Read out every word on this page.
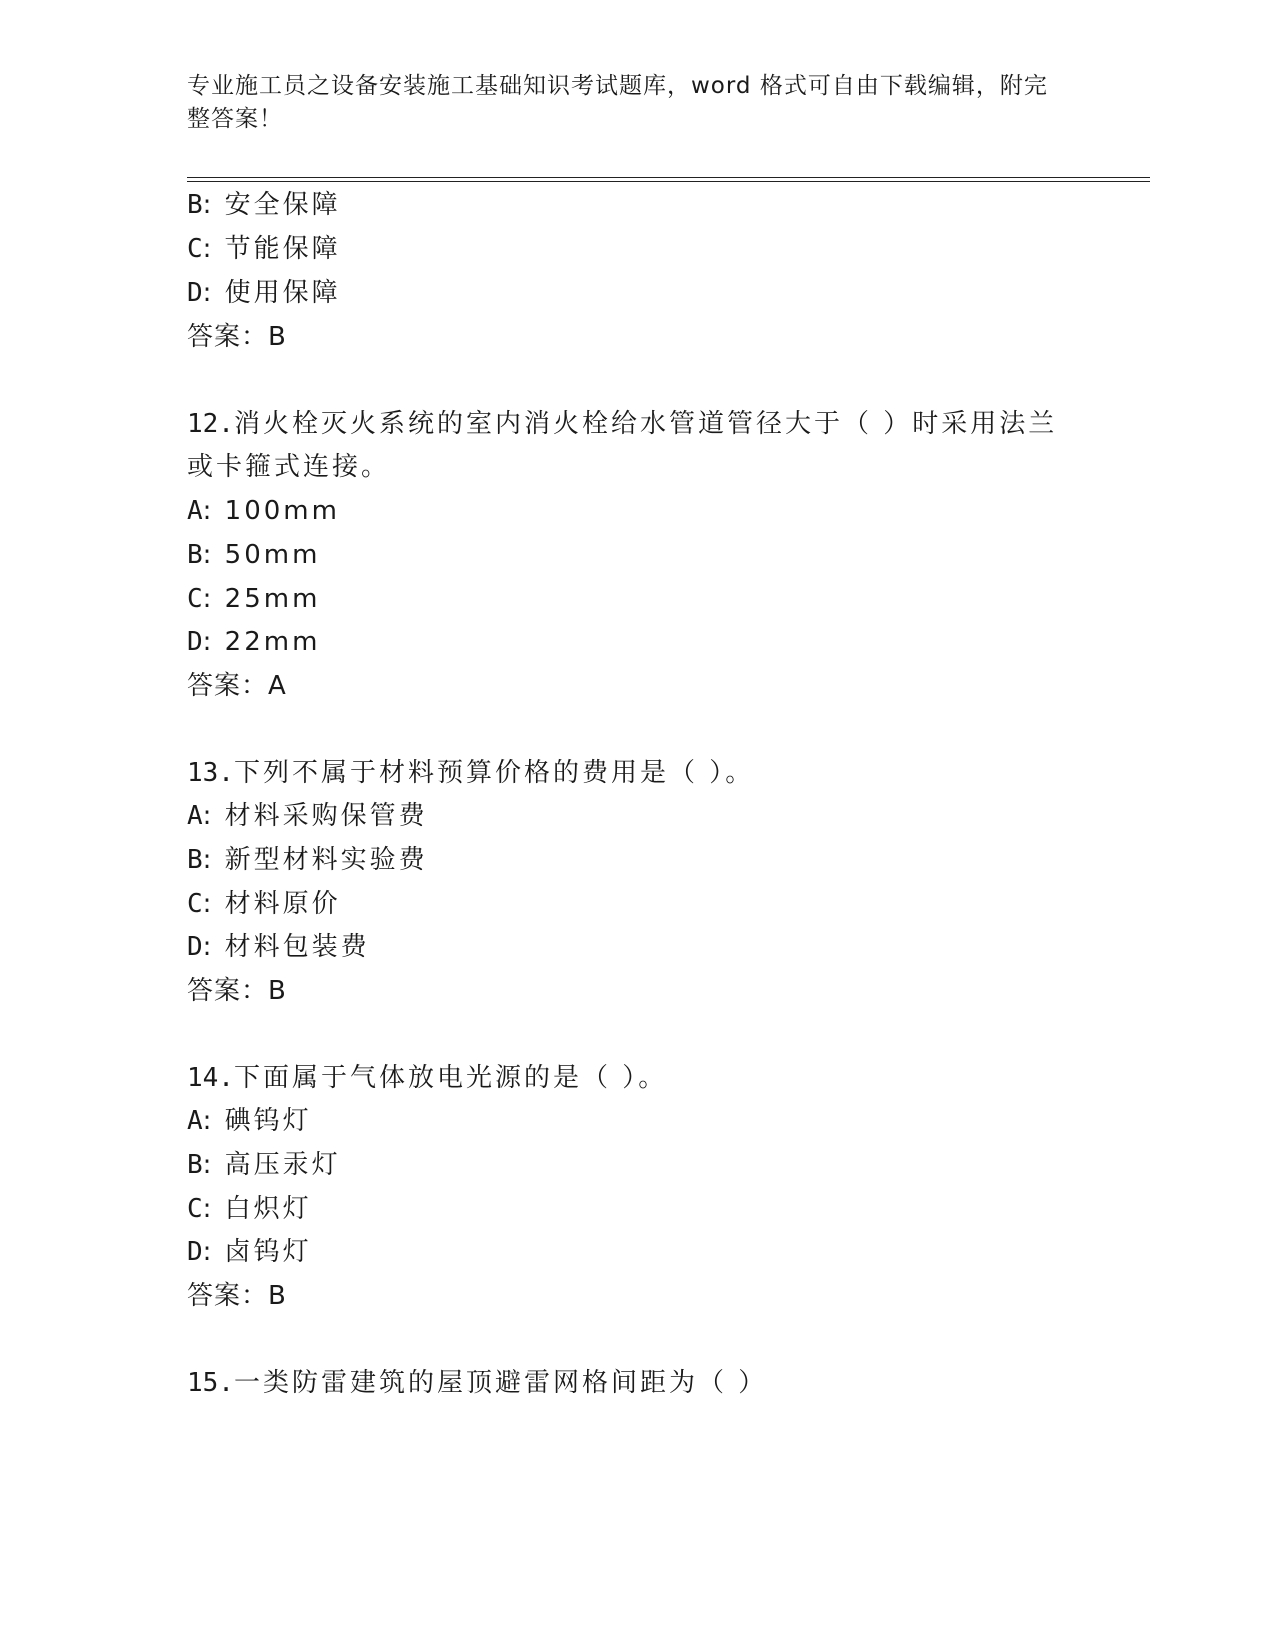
专业施工员之设备安装施工基础知识考试题库，word 格式可自由下载编辑，附完
整答案！
B: 安全保障
C: 节能保障
D: 使用保障
答案：B
12.消火栓灭火系统的室内消火栓给水管道管径大于（ ）时采用法兰
或卡箍式连接。
A: 100mm
B: 50mm
C: 25mm
D: 22mm
答案：A
13.下列不属于材料预算价格的费用是（ ）。
A: 材料采购保管费
B: 新型材料实验费
C: 材料原价
D: 材料包装费
答案：B
14.下面属于气体放电光源的是（ ）。
A: 碘钨灯
B: 高压汞灯
C: 白炽灯
D: 卤钨灯
答案：B
15.一类防雷建筑的屋顶避雷网格间距为（ ）
